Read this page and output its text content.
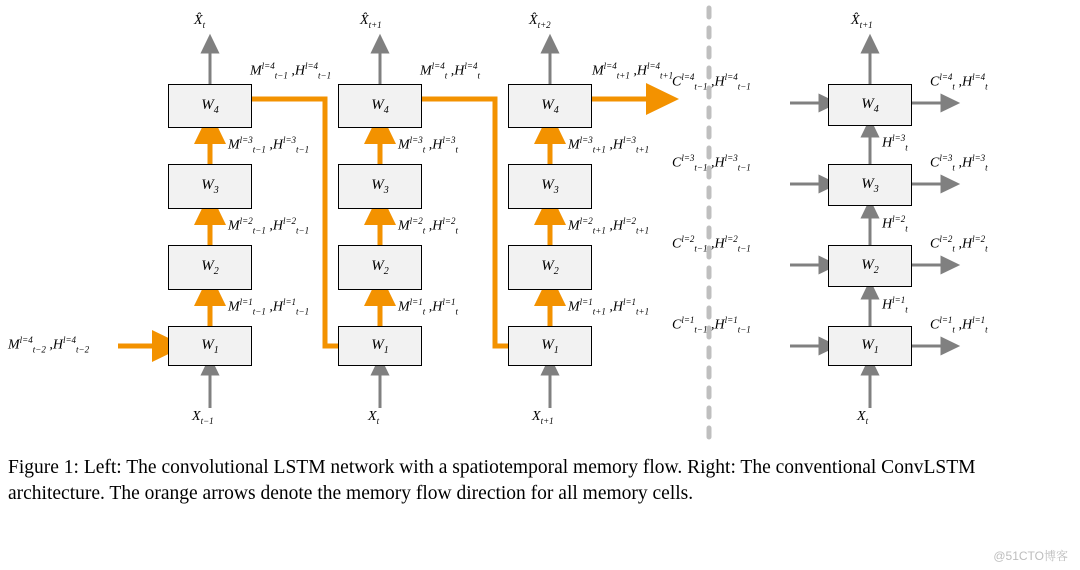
$W_1$
$W_2$
$W_3$
$W_4$
$W_1$
$W_2$
$W_3$
$W_4$
$W_1$
$W_2$
$W_3$
$W_4$
$W_1$
$W_2$
$W_3$
$W_4$
$X_{t-1}$
$X̂_t$
$M^{l=4}_{t-2}$ $,H^{l=4}_{t-2}$
$M^{l=1}_{t-1}$ $,H^{l=1}_{t-1}$
$M^{l=2}_{t-1}$ $,H^{l=2}_{t-1}$
$M^{l=3}_{t-1}$ $,H^{l=3}_{t-1}$
$M^{l=4}_{t-1}$ $,H^{l=4}_{t-1}$
$X_t$
$X̂_{t+1}$
$M^{l=1}_t$ $,H^{l=1}_t$
$M^{l=2}_t$ $,H^{l=2}_t$
$M^{l=3}_t$ $,H^{l=3}_t$
$M^{l=4}_t$ $,H^{l=4}_t$
$X_{t+1}$
$X̂_{t+2}$
$M^{l=1}_{t+1}$ $,H^{l=1}_{t+1}$
$M^{l=2}_{t+1}$ $,H^{l=2}_{t+1}$
$M^{l=3}_{t+1}$ $,H^{l=3}_{t+1}$
$M^{l=4}_{t+1}$ $,H^{l=4}_{t+1}$
$X_t$
$X̂_{t+1}$
$C^{l=1}_{t-1}$ $,H^{l=1}_{t-1}$
$C^{l=2}_{t-1}$ $,H^{l=2}_{t-1}$
$C^{l=3}_{t-1}$ $,H^{l=3}_{t-1}$
$C^{l=4}_{t-1}$ $,H^{l=4}_{t-1}$
$C^{l=1}_t$ $,H^{l=1}_t$
$C^{l=2}_t$ $,H^{l=2}_t$
$C^{l=3}_t$ $,H^{l=3}_t$
$C^{l=4}_t$ $,H^{l=4}_t$
$H^{l=1}_t$
$H^{l=2}_t$
$H^{l=3}_t$
Figure 1: Left: The convolutional LSTM network with a spatiotemporal memory flow. Right: The conventional ConvLSTM architecture. The orange arrows denote the memory flow direction for all memory cells.
@51CTO博客
